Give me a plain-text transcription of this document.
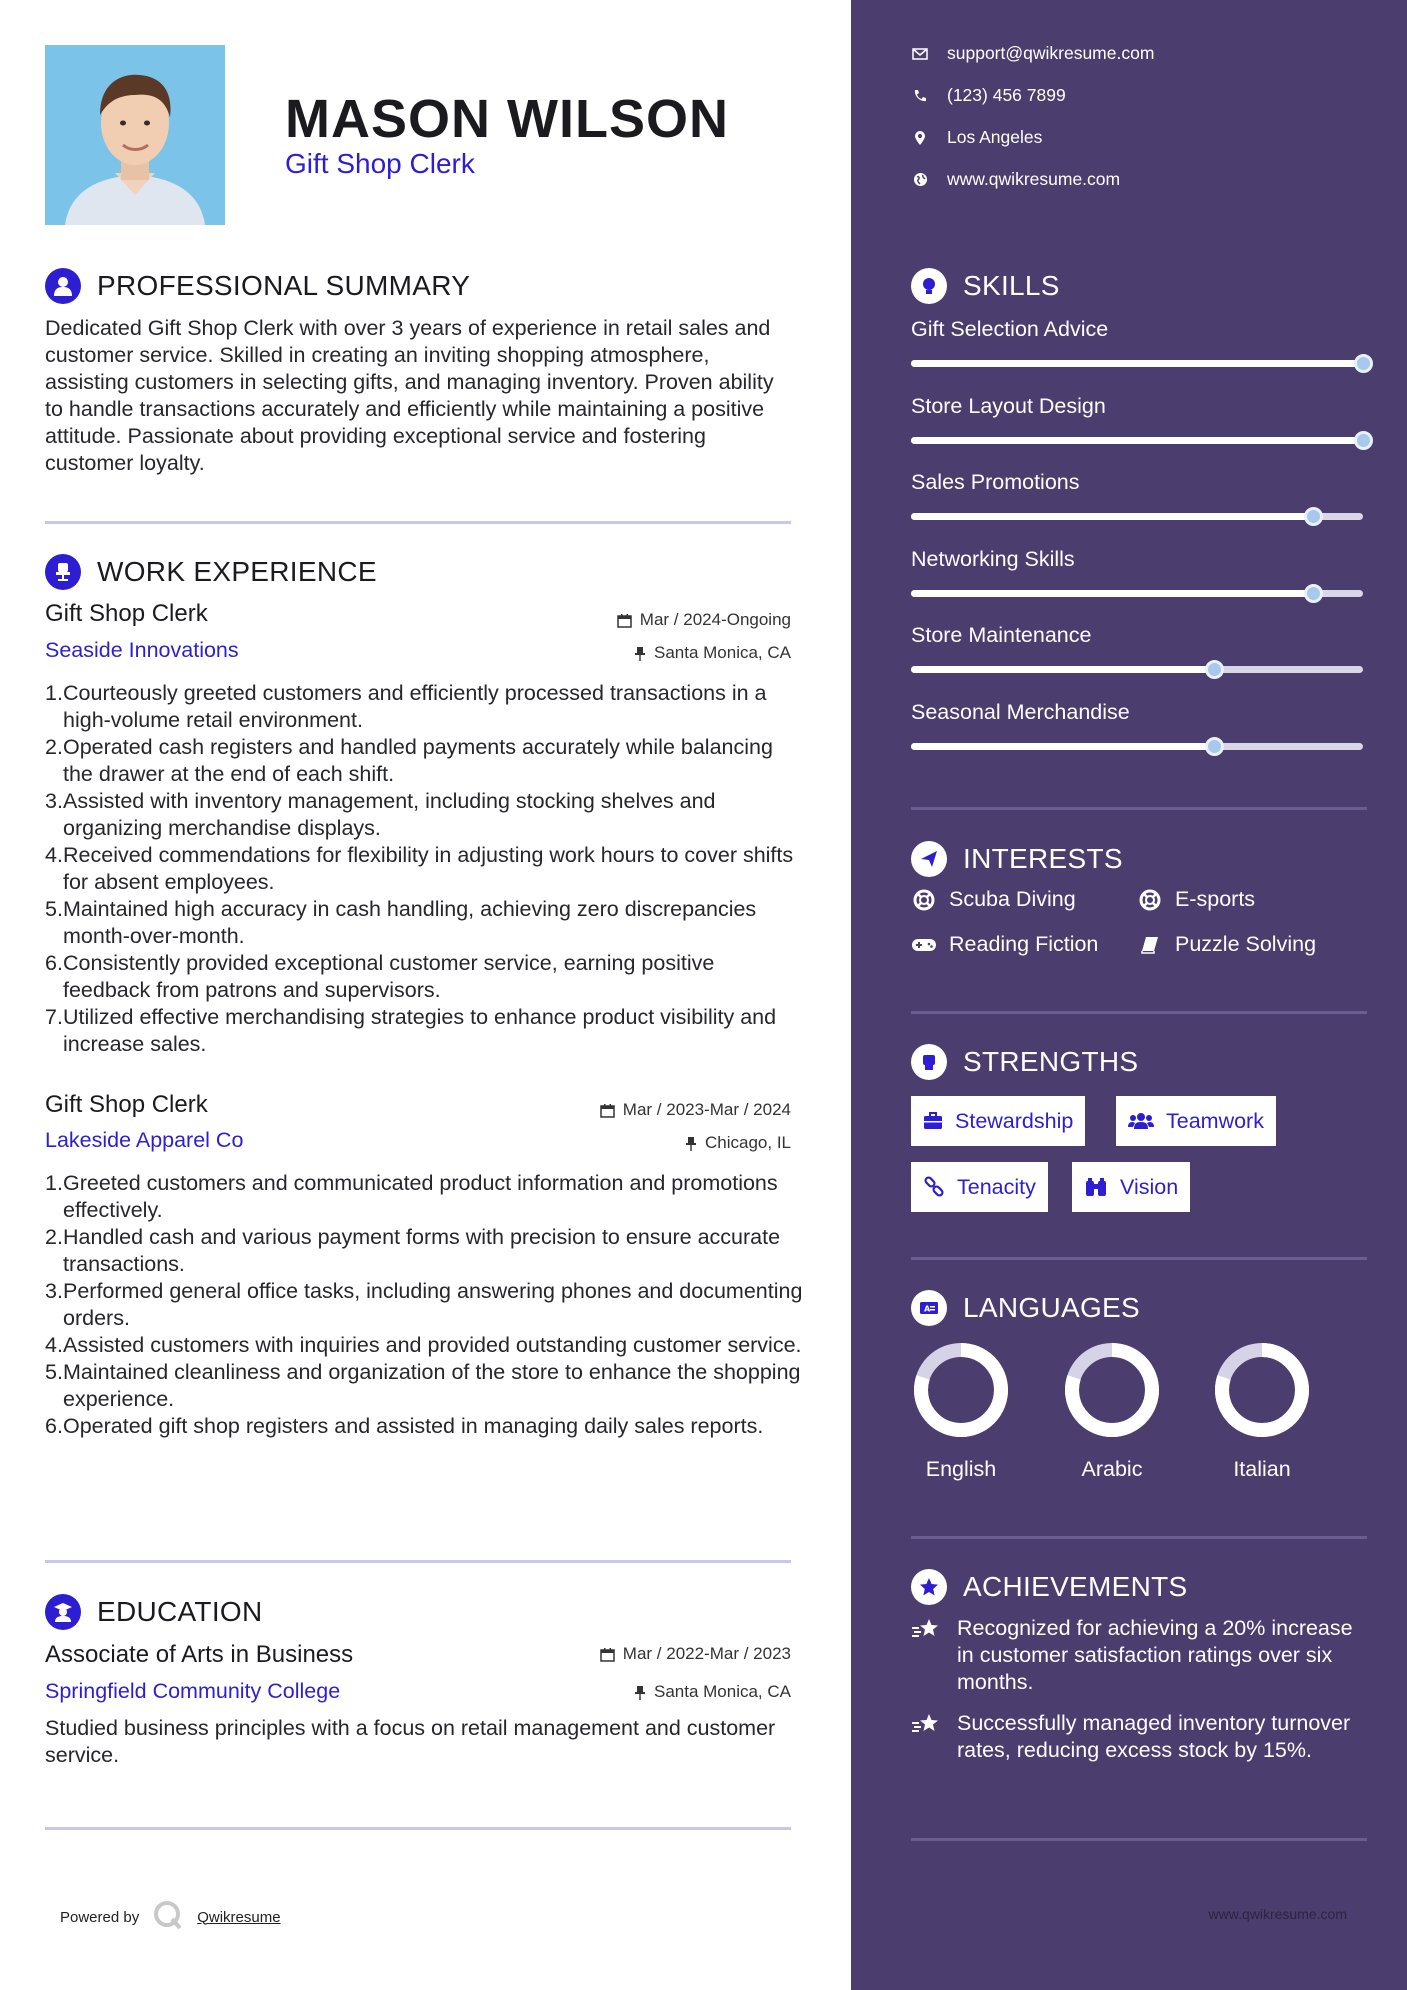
MASON WILSON
Gift Shop Clerk
PROFESSIONAL SUMMARY
Dedicated Gift Shop Clerk with over 3 years of experience in retail sales and customer service. Skilled in creating an inviting shopping atmosphere, assisting customers in selecting gifts, and managing inventory. Proven ability to handle transactions accurately and efficiently while maintaining a positive attitude. Passionate about providing exceptional service and fostering customer loyalty.
WORK EXPERIENCE
Gift Shop Clerk	Mar / 2024-Ongoing
Seaside Innovations	Santa Monica, CA
1. Courteously greeted customers and efficiently processed transactions in a high-volume retail environment.
2. Operated cash registers and handled payments accurately while balancing the drawer at the end of each shift.
3. Assisted with inventory management, including stocking shelves and organizing merchandise displays.
4. Received commendations for flexibility in adjusting work hours to cover shifts for absent employees.
5. Maintained high accuracy in cash handling, achieving zero discrepancies month-over-month.
6. Consistently provided exceptional customer service, earning positive feedback from patrons and supervisors.
7. Utilized effective merchandising strategies to enhance product visibility and increase sales.
Gift Shop Clerk	Mar / 2023-Mar / 2024
Lakeside Apparel Co	Chicago, IL
1. Greeted customers and communicated product information and promotions effectively.
2. Handled cash and various payment forms with precision to ensure accurate transactions.
3. Performed general office tasks, including answering phones and documenting orders.
4. Assisted customers with inquiries and provided outstanding customer service.
5. Maintained cleanliness and organization of the store to enhance the shopping experience.
6. Operated gift shop registers and assisted in managing daily sales reports.
EDUCATION
Associate of Arts in Business	Mar / 2022-Mar / 2023
Springfield Community College	Santa Monica, CA
Studied business principles with a focus on retail management and customer service.
Powered by	Qwikresume
support@qwikresume.com
(123) 456 7899
Los Angeles
www.qwikresume.com
SKILLS
Gift Selection Advice
Store Layout Design
Sales Promotions
Networking Skills
Store Maintenance
Seasonal Merchandise
INTERESTS
Scuba Diving	E-sports
Reading Fiction	Puzzle Solving
STRENGTHS
Stewardship	Teamwork
Tenacity	Vision
A LANGUAGES
English	Arabic	Italian
ACHIEVEMENTS
Recognized for achieving a 20% increase in customer satisfaction ratings over six months.
Successfully managed inventory turnover rates, reducing excess stock by 15%.
www.qwikresume.com
